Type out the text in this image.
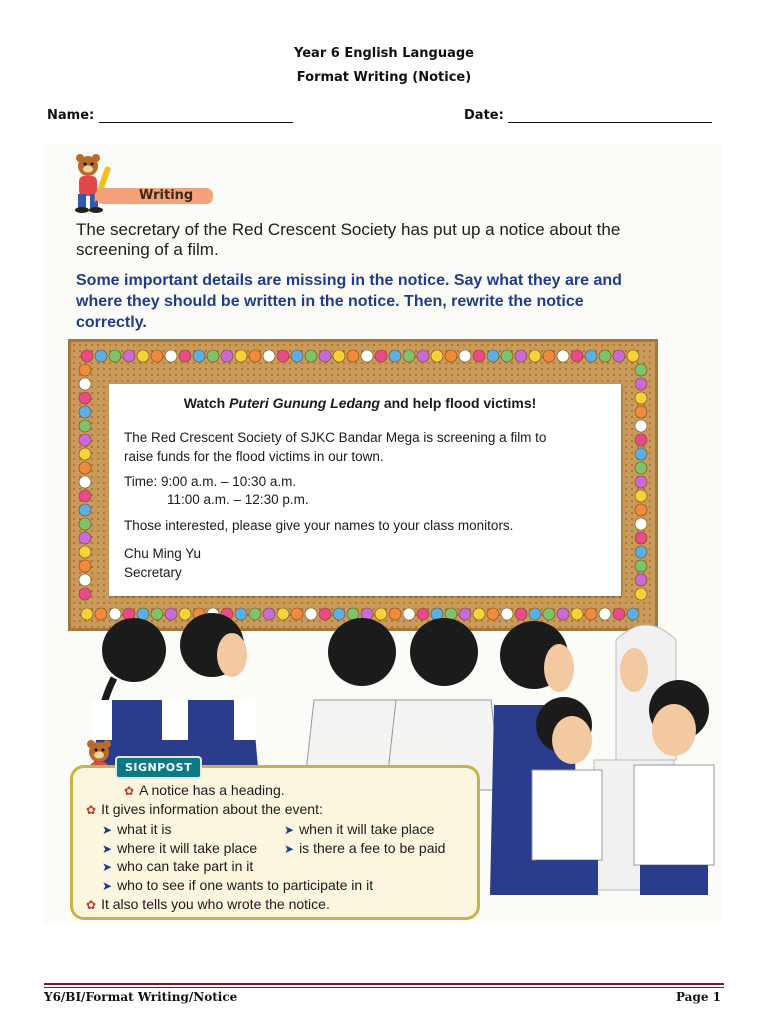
Year 6 English Language
Format Writing (Notice)
Name:	Date:
Writing
The secretary of the Red Crescent Society has put up a notice about the screening of a film.
Some important details are missing in the notice. Say what they are and where they should be written in the notice. Then, rewrite the notice correctly.
Watch Puteri Gunung Ledang and help flood victims!

The Red Crescent Society of SJKC Bandar Mega is screening a film to

raise funds for the flood victims in our town.

Time: 9:00 a.m. – 10:30 a.m.

11:00 a.m. – 12:30 p.m.

Those interested, please give your names to your class monitors.

Chu Ming Yu

Secretary

SIGNPOST
✿ A notice has a heading.
✿ It gives information about the event:
➤ what it is	➤ when it will take place
➤ where it will take place ➤ is there a fee to be paid
➤ who can take part in it
➤ who to see if one wants to participate in it
✿ It also tells you who wrote the notice.
Y6/BI/Format Writing/Notice	Page 1
